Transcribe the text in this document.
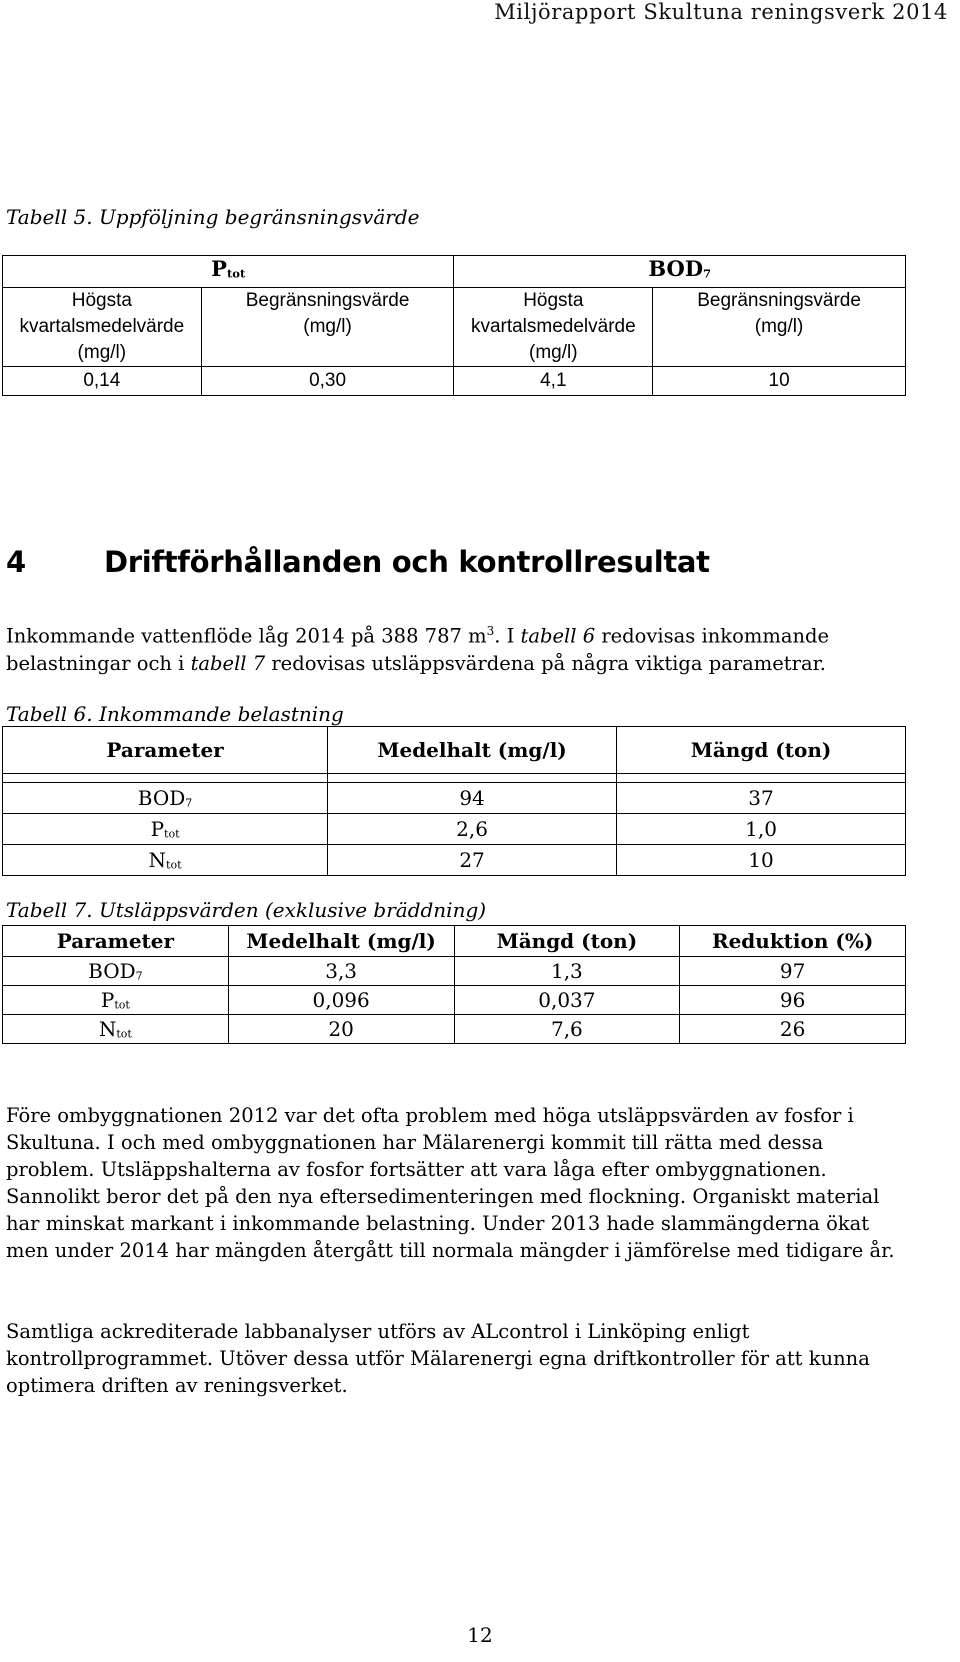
Miljörapport Skultuna reningsverk 2014
Tabell 5. Uppföljning begränsningsvärde
$P_{tot}$		$BOD_7$
Högsta
kvartalsmedelvärde
(mg/l)	Begränsningsvärde
(mg/l)	Högsta
kvartalsmedelvärde
(mg/l)	Begränsningsvärde
(mg/l)
0,14	0,30	4,1	10
4	Driftförhållanden och kontrollresultat
Inkommande vattenflöde låg 2014 på 388 787 $m^3$. I tabell 6 redovisas inkommande belastningar och i tabell 7 redovisas utsläppsvärdena på några viktiga parametrar.
Tabell 6. Inkommande belastning
Parameter	Medelhalt (mg/l)	Mängd (ton)

$BOD_7$	94	37
$P_{tot}$	2,6	1,0
$N_{tot}$	27	10
Tabell 7. Utsläppsvärden (exklusive bräddning)
Parameter	Medelhalt (mg/l)	Mängd (ton)	Reduktion (%)
$BOD_7$	3,3	1,3	97
$P_{tot}$	0,096	0,037	96
$N_{tot}$	20	7,6	26
Före ombyggnationen 2012 var det ofta problem med höga utsläppsvärden av fosfor i Skultuna. I och med ombyggnationen har Mälarenergi kommit till rätta med dessa problem. Utsläppshalterna av fosfor fortsätter att vara låga efter ombyggnationen. Sannolikt beror det på den nya eftersedimenteringen med flockning. Organiskt material har minskat markant i inkommande belastning. Under 2013 hade slammängderna ökat men under 2014 har mängden återgått till normala mängder i jämförelse med tidigare år.
Samtliga ackrediterade labbanalyser utförs av ALcontrol i Linköping enligt kontrollprogrammet. Utöver dessa utför Mälarenergi egna driftkontroller för att kunna optimera driften av reningsverket.
12
